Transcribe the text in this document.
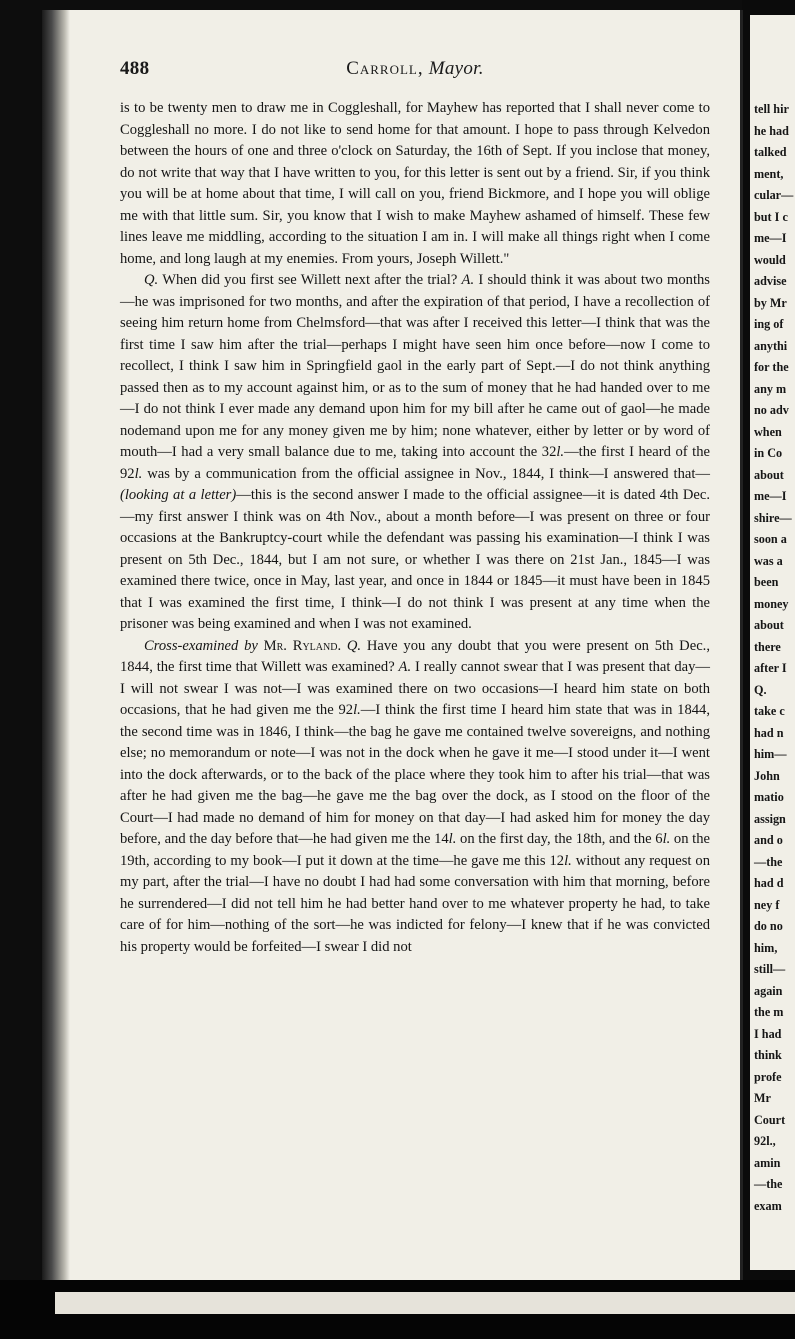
tell hir
he had
talked
ment,
cular—
but I c
me—I
would
advise
by Mr
ing of
anythi
for the
any m
no adv
when
in Co
about
me—I
shire—
soon a
was a
been
money
about
there
after I
Q.
take c
had n
him—
John
matio
assign
and o
—the
had d
ney f
do no
him,
still—
again
the m
I had
think
profe
Mr
Court
92l.,
amin
—the
exam
488	Carroll, Mayor.

is to be twenty men to draw me in Coggleshall, for Mayhew has reported that I shall never come to Coggleshall no more. I do not like to send home for that amount. I hope to pass through Kelvedon between the hours of one and three o'clock on Saturday, the 16th of Sept. If you inclose that money, do not write that way that I have written to you, for this letter is sent out by a friend. Sir, if you think you will be at home about that time, I will call on you, friend Bickmore, and I hope you will oblige me with that little sum. Sir, you know that I wish to make Mayhew ashamed of himself. These few lines leave me middling, according to the situation I am in. I will make all things right when I come home, and long laugh at my enemies. From yours, Joseph Willett."

Q. When did you first see Willett next after the trial? A. I should think it was about two months—he was imprisoned for two months, and after the expiration of that period, I have a recollection of seeing him return home from Chelmsford—that was after I received this letter—I think that was the first time I saw him after the trial—perhaps I might have seen him once before—now I come to recollect, I think I saw him in Springfield gaol in the early part of Sept.—I do not think anything passed then as to my account against him, or as to the sum of money that he had handed over to me—I do not think I ever made any demand upon him for my bill after he came out of gaol—he made nodemand upon me for any money given me by him; none whatever, either by letter or by word of mouth—I had a very small balance due to me, taking into account the 32l.—the first I heard of the 92l. was by a communication from the official assignee in Nov., 1844, I think—I answered that—(looking at a letter)—this is the second answer I made to the official assignee—it is dated 4th Dec.—my first answer I think was on 4th Nov., about a month before—I was present on three or four occasions at the Bankruptcy-court while the defendant was passing his examination—I think I was present on 5th Dec., 1844, but I am not sure, or whether I was there on 21st Jan., 1845—I was examined there twice, once in May, last year, and once in 1844 or 1845—it must have been in 1845 that I was examined the first time, I think—I do not think I was present at any time when the prisoner was being examined and when I was not examined.

Cross-examined by Mr. Ryland. Q. Have you any doubt that you were present on 5th Dec., 1844, the first time that Willett was examined? A. I really cannot swear that I was present that day—I will not swear I was not—I was examined there on two occasions—I heard him state on both occasions, that he had given me the 92l.—I think the first time I heard him state that was in 1844, the second time was in 1846, I think—the bag he gave me contained twelve sovereigns, and nothing else; no memorandum or note—I was not in the dock when he gave it me—I stood under it—I went into the dock afterwards, or to the back of the place where they took him to after his trial—that was after he had given me the bag—he gave me the bag over the dock, as I stood on the floor of the Court—I had made no demand of him for money on that day—I had asked him for money the day before, and the day before that—he had given me the 14l. on the first day, the 18th, and the 6l. on the 19th, according to my book—I put it down at the time—he gave me this 12l. without any request on my part, after the trial—I have no doubt I had had some conversation with him that morning, before he surrendered—I did not tell him he had better hand over to me whatever property he had, to take care of for him—nothing of the sort—he was indicted for felony—I knew that if he was convicted his property would be forfeited—I swear I did not
